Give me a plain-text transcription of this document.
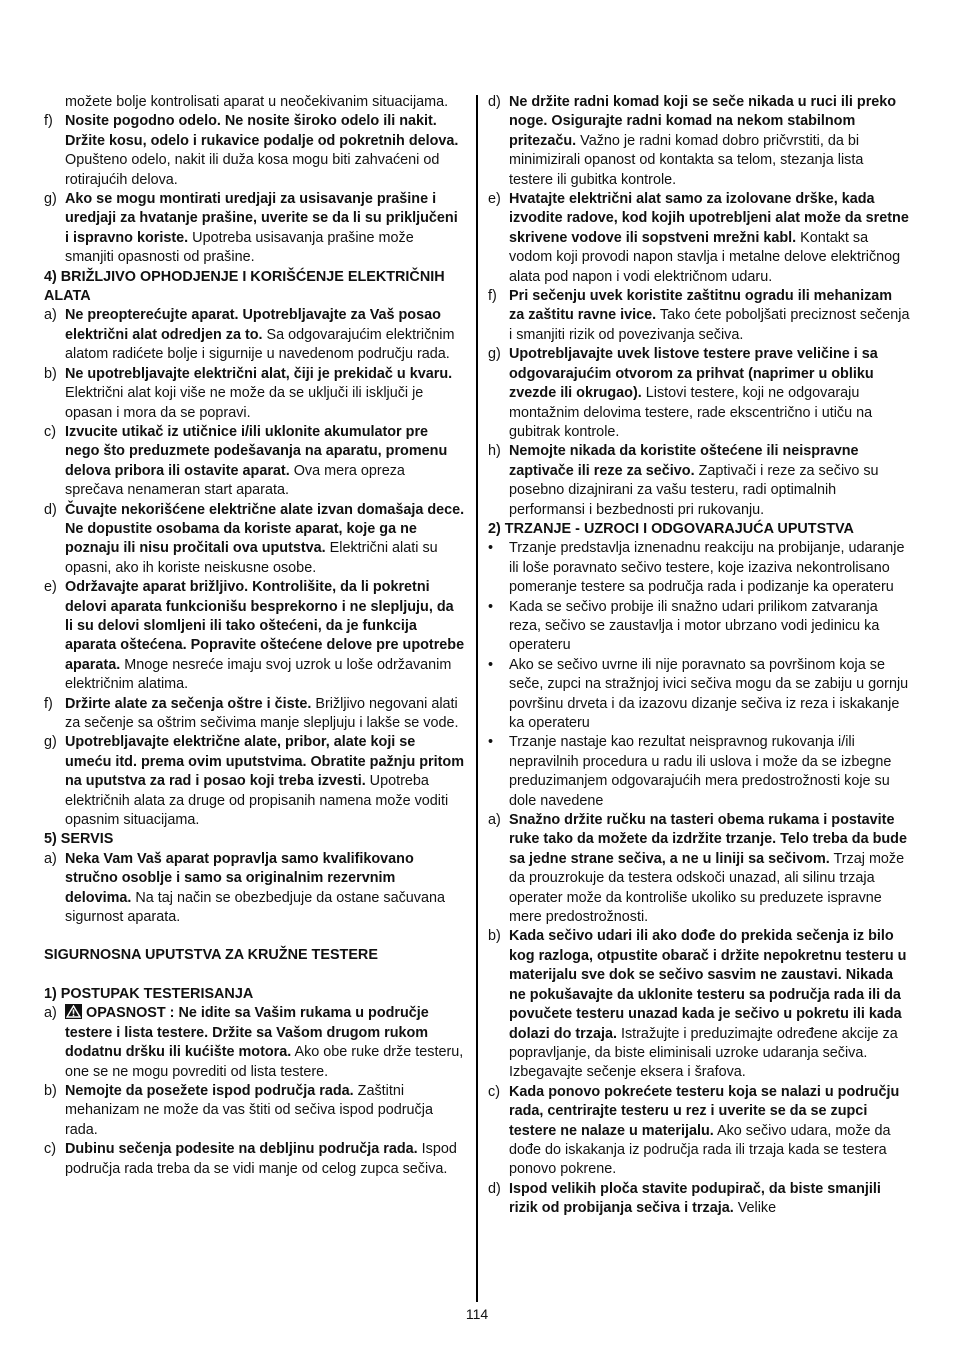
možete bolje kontrolisati aparat u neočekivanim situacijama.

f) Nosite pogodno odelo. Ne nosite široko odelo ili nakit. Držite kosu, odelo i rukavice podalje od pokretnih delova. Opušteno odelo, nakit ili duža kosa mogu biti zahvaćeni od rotirajućih delova.

g) Ako se mogu montirati uredjaji za usisavanje prašine i uredjaji za hvatanje prašine, uverite se da li su priključeni i ispravno koriste. Upotreba usisavanja prašine može smanjiti opasnosti od prašine.

4) BRIŽLJIVO OPHODJENJE I KORIŠĆENJE ELEKTRIČNIH ALATA

a) Ne preopterećujte aparat. Upotrebljavajte za Vaš posao električni alat odredjen za to. Sa odgovarajućim električnim alatom radićete bolje i sigurnije u navedenom području rada.

b) Ne upotrebljavajte električni alat, čiji je prekidač u kvaru. Električni alat koji više ne može da se uključi ili isključi je opasan i mora da se popravi.

c) Izvucite utikač iz utičnice i/ili uklonite akumulator pre nego što preduzmete podešavanja na aparatu, promenu delova pribora ili ostavite aparat. Ova mera opreza sprečava nenameran start aparata.

d) Čuvajte nekorišćene električne alate izvan domašaja dece. Ne dopustite osobama da koriste aparat, koje ga ne poznaju ili nisu pročitali ova uputstva. Električni alati su opasni, ako ih koriste neiskusne osobe.

e) Održavajte aparat brižljivo. Kontrolišite, da li pokretni delovi aparata funkcionišu besprekorno i ne slepljuju, da li su delovi slomljeni ili tako oštećeni, da je funkcija aparata oštećena. Popravite oštećene delove pre upotrebe aparata. Mnoge nesreće imaju svoj uzrok u loše održavanim električnim alatima.

f) Držirte alate za sečenja oštre i čiste. Brižljivo negovani alati za sečenje sa oštrim sečivima manje slepljuju i lakše se vode.

g) Upotrebljavajte električne alate, pribor, alate koji se umeću itd. prema ovim uputstvima. Obratite pažnju pritom na uputstva za rad i posao koji treba izvesti. Upotreba električnih alata za druge od propisanih namena može voditi opasnim situacijama.

5) SERVIS

a) Neka Vam Vaš aparat popravlja samo kvalifikovano stručno osoblje i samo sa originalnim rezervnim delovima. Na taj način se obezbedjuje da ostane sačuvana sigurnost aparata.

SIGURNOSNA UPUTSTVA ZA KRUŽNE TESTERE

1) POSTUPAK TESTERISANJA

a) OPASNOST : Ne idite sa Vašim rukama u područje testere i lista testere. Držite sa Vašom drugom rukom dodatnu dršku ili kućište motora. Ako obe ruke drže testeru, one se ne mogu povrediti od lista testere.

b) Nemojte da posežete ispod područja rada. Zaštitni mehanizam ne može da vas štiti od sečiva ispod područja rada.

c) Dubinu sečenja podesite na debljinu područja rada. Ispod područja rada treba da se vidi manje od celog zupca sečiva.

d) Ne držite radni komad koji se seče nikada u ruci ili preko noge. Osigurajte radni komad na nekom stabilnom pritezaču. Važno je radni komad dobro pričvrstiti, da bi minimizirali opanost od kontakta sa telom, stezanja lista testere ili gubitka kontrole.

e) Hvatajte električni alat samo za izolovane drške, kada izvodite radove, kod kojih upotrebljeni alat može da sretne skrivene vodove ili sopstveni mrežni kabl. Kontakt sa vodom koji provodi napon stavlja i metalne delove električnog alata pod napon i vodi električnom udaru.

f) Pri sečenju uvek koristite zaštitnu ogradu ili mehanizam za zaštitu ravne ivice. Tako ćete poboljšati preciznost sečenja i smanjiti rizik od povezivanja sečiva.

g) Upotrebljavajte uvek listove testere prave veličine i sa odgovarajućim otvorom za prihvat (naprimer u obliku zvezde ili okrugao). Listovi testere, koji ne odgovaraju montažnim delovima testere, rade ekscentrično i utiču na gubitrak kontrole.

h) Nemojte nikada da koristite oštećene ili neispravne zaptivače ili reze za sečivo. Zaptivači i reze za sečivo su posebno dizajnirani za vašu testeru, radi optimalnih performansi i bezbednosti pri rukovanju.

2) TRZANJE - UZROCI I ODGOVARAJUĆA UPUTSTVA

• Trzanje predstavlja iznenadnu reakciju na probijanje, udaranje ili loše poravnato sečivo testere, koje izaziva nekontrolisano pomeranje testere sa područja rada i podizanje ka operateru

• Kada se sečivo probije ili snažno udari prilikom zatvaranja reza, sečivo se zaustavlja i motor ubrzano vodi jedinicu ka operateru

• Ako se sečivo uvrne ili nije poravnato sa površinom koja se seče, zupci na stražnjoj ivici sečiva mogu da se zabiju u gornju površinu drveta i da izazovu dizanje sečiva iz reza i iskakanje ka operateru

• Trzanje nastaje kao rezultat neispravnog rukovanja i/ili nepravilnih procedura u radu ili uslova i može da se izbegne preduzimanjem odgovarajućih mera predostrožnosti koje su dole navedene

a) Snažno držite ručku na tasteri obema rukama i postavite ruke tako da možete da izdržite trzanje. Telo treba da bude sa jedne strane sečiva, a ne u liniji sa sečivom. Trzaj može da prouzrokuje da testera odskoči unazad, ali silinu trzaja operater može da kontroliše ukoliko su preduzete ispravne mere predostrožnosti.

b) Kada sečivo udari ili ako dođe do prekida sečenja iz bilo kog razloga, otpustite obarač i držite nepokretnu testeru u materijalu sve dok se sečivo sasvim ne zaustavi. Nikada ne pokušavajte da uklonite testeru sa područja rada ili da povučete testeru unazad kada je sečivo u pokretu ili kada dolazi do trzaja. Istražujte i preduzimajte određene akcije za popravljanje, da biste eliminisali uzroke udaranja sečiva. Izbegavajte sečenje eksera i šrafova.

c) Kada ponovo pokrećete testeru koja se nalazi u području rada, centrirajte testeru u rez i uverite se da se zupci testere ne nalaze u materijalu. Ako sečivo udara, može da dođe do iskakanja iz područja rada ili trzaja kada se testera ponovo pokrene.

d) Ispod velikih ploča stavite podupirač, da biste smanjili rizik od probijanja sečiva i trzaja. Velike

114
